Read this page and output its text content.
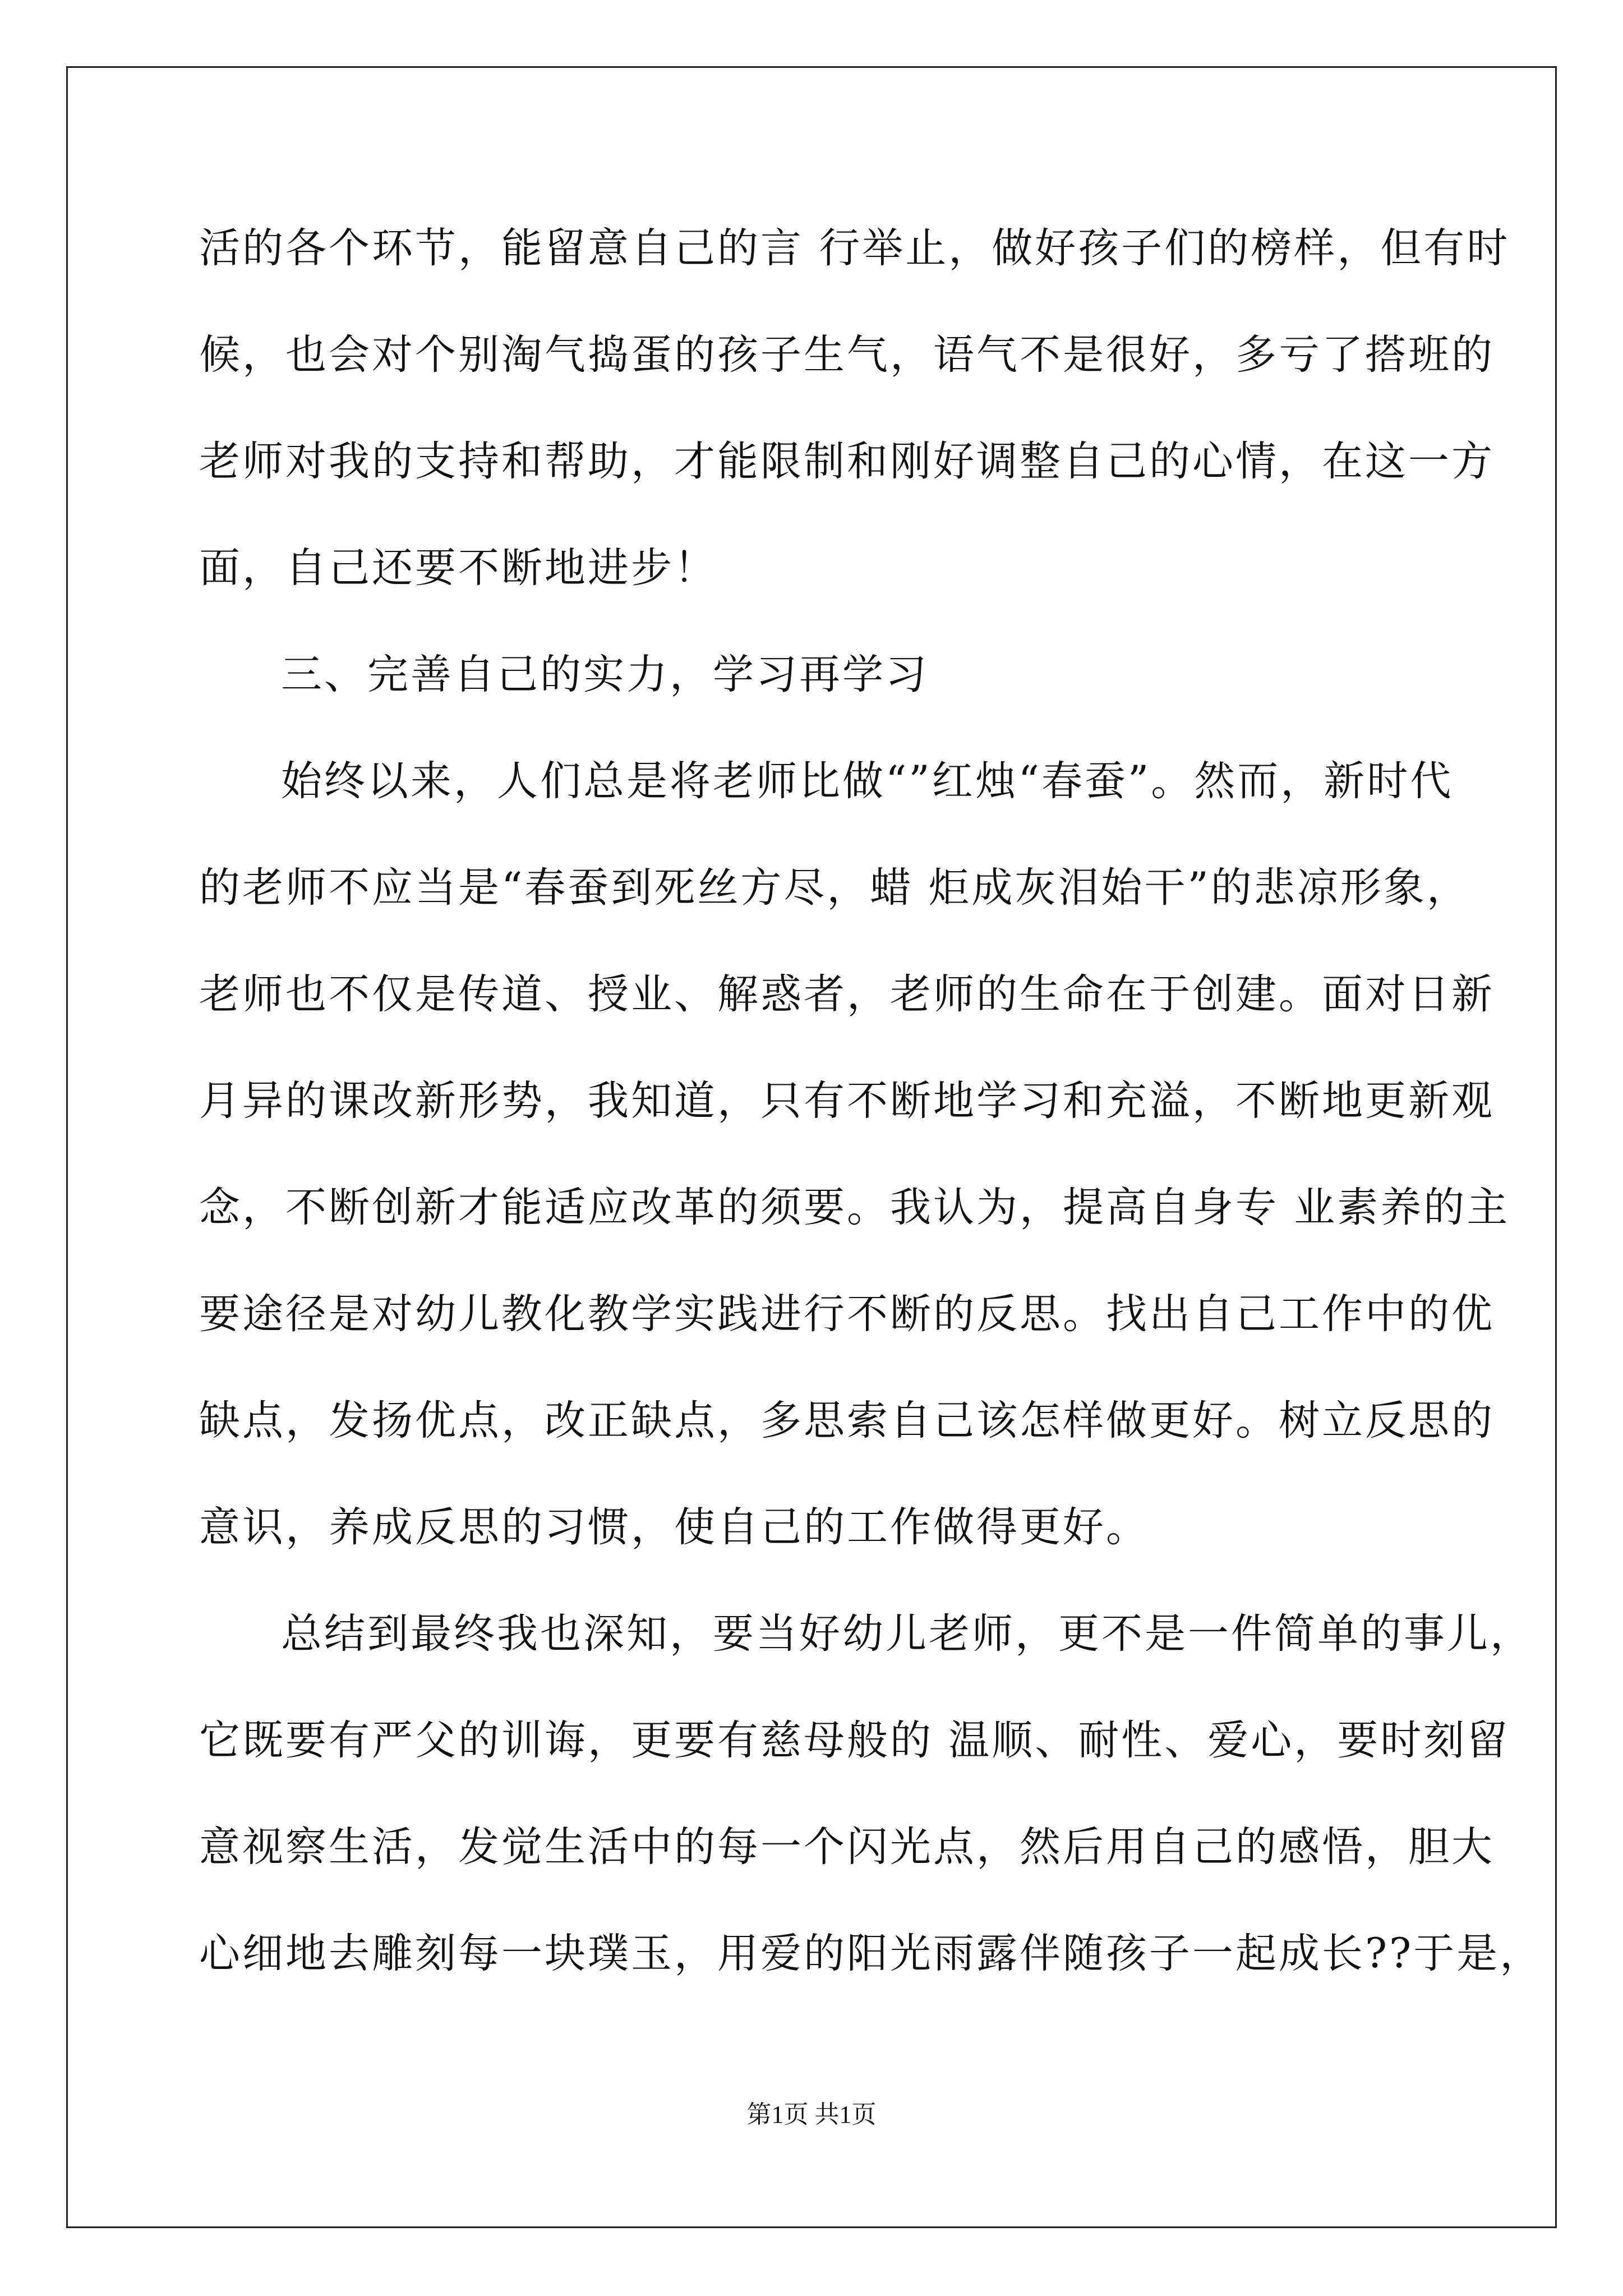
活的各个环节，能留意自己的言 行举止，做好孩子们的榜样，但有时
候，也会对个别淘气捣蛋的孩子生气，语气不是很好，多亏了搭班的
老师对我的支持和帮助，才能限制和刚好调整自己的心情，在这一方
面，自己还要不断地进步！
三、完善自己的实力，学习再学习
始终以来，人们总是将老师比做“”红烛“春蚕”。然而，新时代
的老师不应当是“春蚕到死丝方尽，蜡 炬成灰泪始干”的悲凉形象，
老师也不仅是传道、授业、解惑者，老师的生命在于创建。面对日新
月异的课改新形势，我知道，只有不断地学习和充溢，不断地更新观
念，不断创新才能适应改革的须要。我认为，提高自身专 业素养的主
要途径是对幼儿教化教学实践进行不断的反思。找出自己工作中的优
缺点，发扬优点，改正缺点，多思索自己该怎样做更好。树立反思的
意识，养成反思的习惯，使自己的工作做得更好。
总结到最终我也深知，要当好幼儿老师，更不是一件简单的事儿，
它既要有严父的训诲，更要有慈母般的 温顺、耐性、爱心，要时刻留
意视察生活，发觉生活中的每一个闪光点，然后用自己的感悟，胆大
心细地去雕刻每一块璞玉，用爱的阳光雨露伴随孩子一起成长??于是，
第1页 共1页
